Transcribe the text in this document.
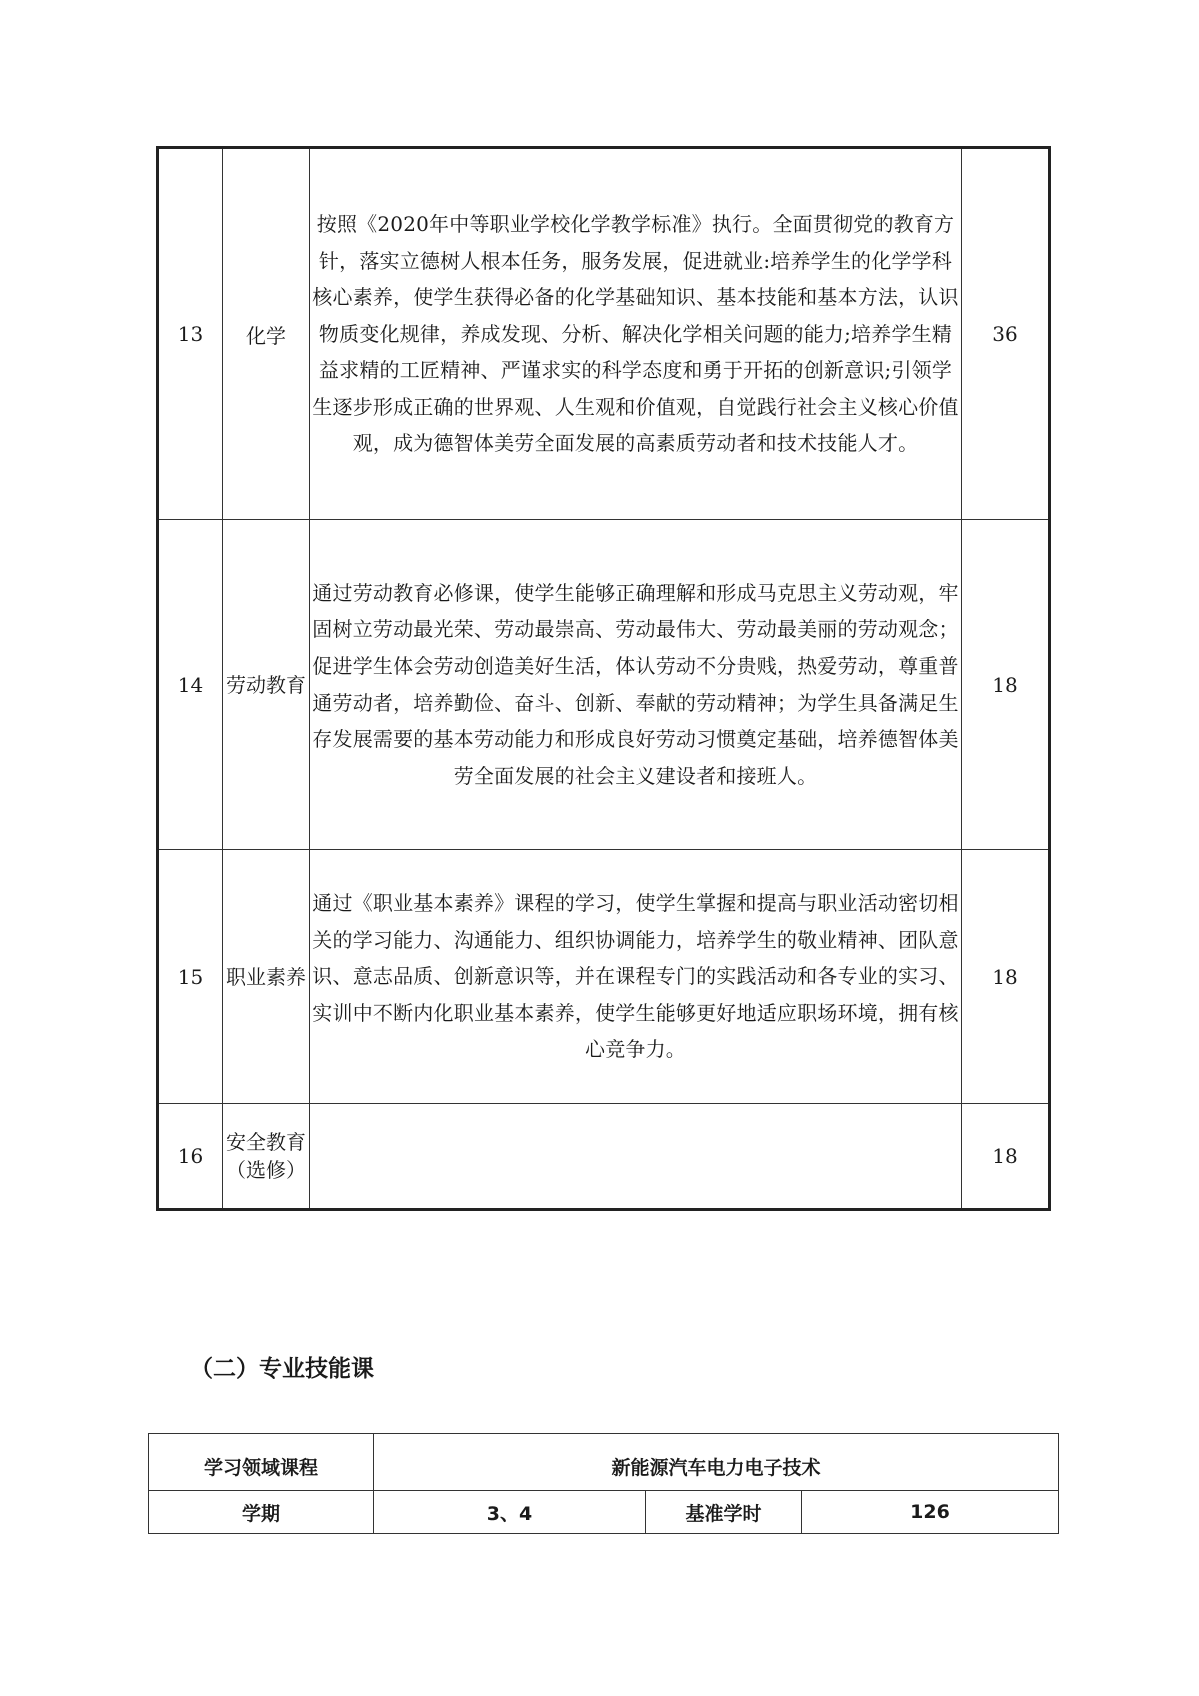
13	化学	按照《2020年中等职业学校化学教学标准》执行。全面贯彻党的教育方针，落实立德树人根本任务，服务发展，促进就业:培养学生的化学学科核心素养，使学生获得必备的化学基础知识、基本技能和基本方法，认识物质变化规律，养成发现、分析、解决化学相关问题的能力;培养学生精益求精的工匠精神、严谨求实的科学态度和勇于开拓的创新意识;引领学生逐步形成正确的世界观、人生观和价值观，自觉践行社会主义核心价值观，成为德智体美劳全面发展的高素质劳动者和技术技能人才。	36
14	劳动教育	通过劳动教育必修课，使学生能够正确理解和形成马克思主义劳动观，牢固树立劳动最光荣、劳动最崇高、劳动最伟大、劳动最美丽的劳动观念；促进学生体会劳动创造美好生活，体认劳动不分贵贱，热爱劳动，尊重普通劳动者，培养勤俭、奋斗、创新、奉献的劳动精神；为学生具备满足生存发展需要的基本劳动能力和形成良好劳动习惯奠定基础，培养德智体美劳全面发展的社会主义建设者和接班人。	18
15	职业素养	通过《职业基本素养》课程的学习，使学生掌握和提高与职业活动密切相关的学习能力、沟通能力、组织协调能力，培养学生的敬业精神、团队意识、意志品质、创新意识等，并在课程专门的实践活动和各专业的实习、实训中不断内化职业基本素养，使学生能够更好地适应职场环境，拥有核心竞争力。	18
16	安全教育（选修）		18
（二）专业技能课
学习领域课程	新能源汽车电力电子技术		
学期	3、4	基准学时	126
